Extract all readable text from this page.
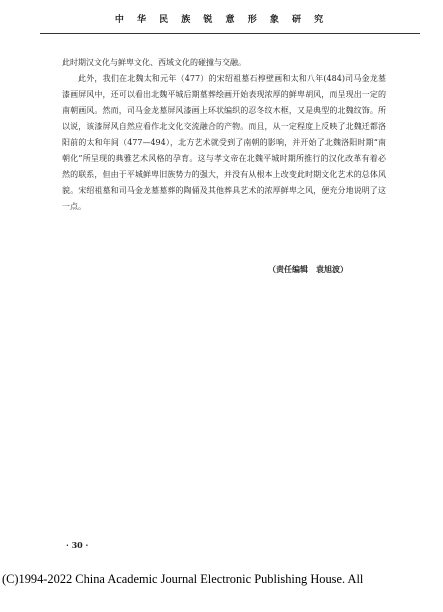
中 华 民 族 锐 意 形 象 研 究

此时期汉文化与鲜卑文化、西域文化的碰撞与交融。

此外，我们在北魏太和元年（477）的宋绍祖墓石椁壁画和太和八年(484)司马金龙墓漆画屏风中，还可以看出北魏平城后期墓葬绘画开始表现浓厚的鲜卑胡风，而呈现出一定的南朝画风。然而，司马金龙墓屏风漆画上环状编织的忍冬纹木框，又是典型的北魏纹饰。所以说，该漆屏风自然应看作北文化交流融合的产物。而且，从一定程度上反映了北魏迁都洛阳前的太和年间（477—494），北方艺术就受到了南朝的影响，并开始了北魏洛阳时期“南朝化”所呈现的典雅艺术风格的孕育。这与孝文帝在北魏平城时期所推行的汉化改革有着必然的联系，但由于平城鲜卑旧族势力的强大，并没有从根本上改变此时期文化艺术的总体风貌。宋绍祖墓和司马金龙墓墓葬的陶俑及其他葬具艺术的浓厚鲜卑之风，便充分地说明了这一点。

（责任编辑　袁旭波）
· 30 ·
(C)1994-2022 China Academic Journal Electronic Publishing House. All
